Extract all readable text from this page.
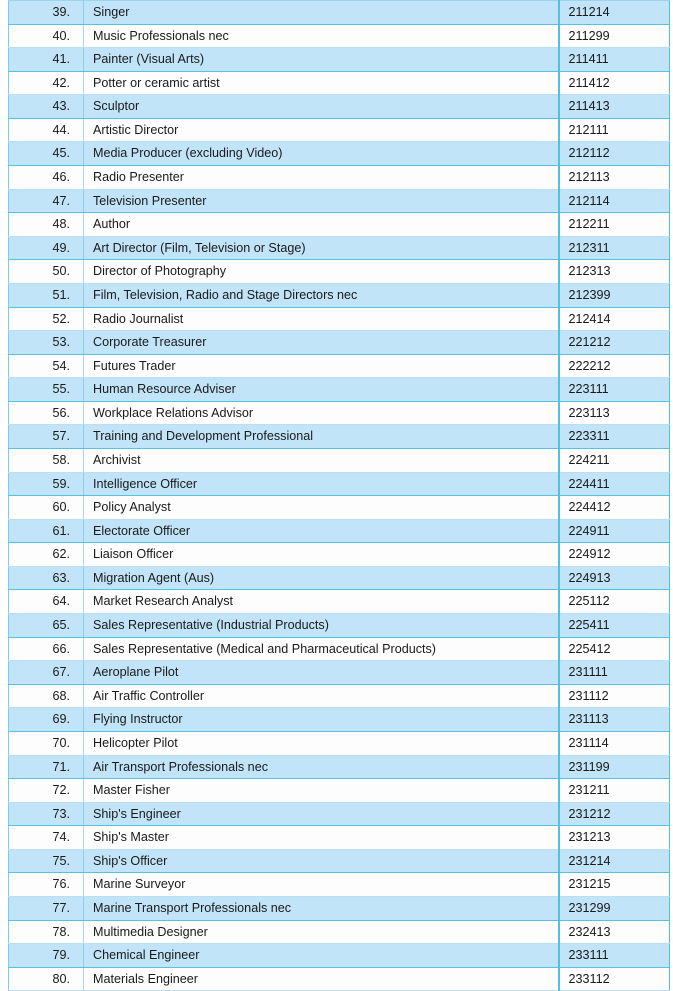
39.	Singer	211214
40.	Music Professionals nec	211299
41.	Painter (Visual Arts)	211411
42.	Potter or ceramic artist	211412
43.	Sculptor	211413
44.	Artistic Director	212111
45.	Media Producer (excluding Video)	212112
46.	Radio Presenter	212113
47.	Television Presenter	212114
48.	Author	212211
49.	Art Director (Film, Television or Stage)	212311
50.	Director of Photography	212313
51.	Film, Television, Radio and Stage Directors nec	212399
52.	Radio Journalist	212414
53.	Corporate Treasurer	221212
54.	Futures Trader	222212
55.	Human Resource Adviser	223111
56.	Workplace Relations Advisor	223113
57.	Training and Development Professional	223311
58.	Archivist	224211
59.	Intelligence Officer	224411
60.	Policy Analyst	224412
61.	Electorate Officer	224911
62.	Liaison Officer	224912
63.	Migration Agent (Aus)	224913
64.	Market Research Analyst	225112
65.	Sales Representative (Industrial Products)	225411
66.	Sales Representative (Medical and Pharmaceutical Products)	225412
67.	Aeroplane Pilot	231111
68.	Air Traffic Controller	231112
69.	Flying Instructor	231113
70.	Helicopter Pilot	231114
71.	Air Transport Professionals nec	231199
72.	Master Fisher	231211
73.	Ship's Engineer	231212
74.	Ship's Master	231213
75.	Ship's Officer	231214
76.	Marine Surveyor	231215
77.	Marine Transport Professionals nec	231299
78.	Multimedia Designer	232413
79.	Chemical Engineer	233111
80.	Materials Engineer	233112
